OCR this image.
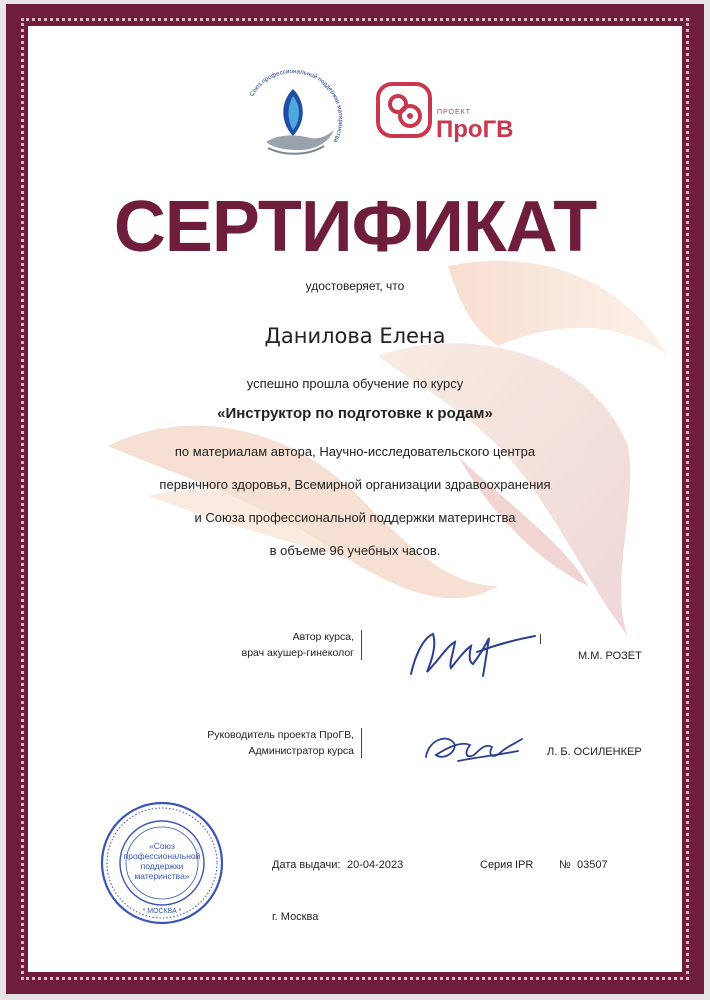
Союз профессиональной поддержки материнства
ПРОЕКТ
ПроГВ
СЕРТИФИКАТ
удостоверяет, что
Данилова Елена
успешно прошла обучение по курсу
«Инструктор по подготовке к родам»
по материалам автора, Научно-исследовательского центра
первичного здоровья, Всемирной организации здравоохранения
и Союза профессиональной поддержки материнства
в объеме 96 учебных часов.
Автор курса,
врач акушер-гинеколог	М.М. РОЗЕТ
Руководитель проекта ПроГВ,
Администратор курса	Л. Б. ОСИЛЕНКЕР
«Союз
профессиональной
поддержки
материнства»
* МОСКВА *
Дата выдачи: 20-04-2023	Серия IPR № 03507
г. Москва
